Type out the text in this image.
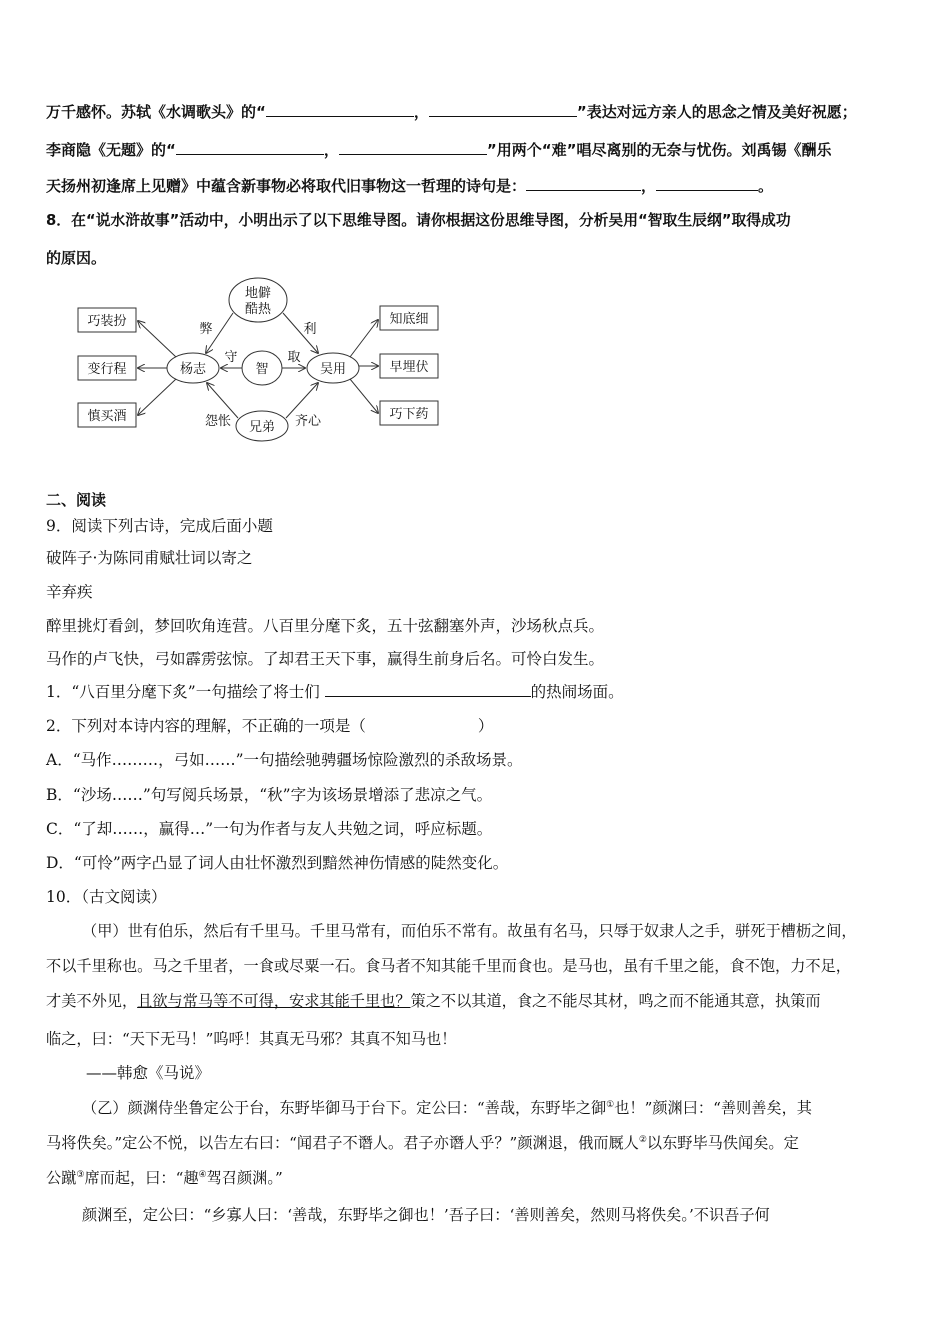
万千感怀。苏轼《水调歌头》的“	，	”表达对远方亲人的思念之情及美好祝愿；
李商隐《无题》的“	，	”用两个“难”唱尽离别的无奈与忧伤。刘禹锡《酬乐
天扬州初逢席上见赠》中蕴含新事物必将取代旧事物这一哲理的诗句是：	，	。
8．在“说水浒故事”活动中，小明出示了以下思维导图。请你根据这份思维导图，分析吴用“智取生辰纲”取得成功
的原因。
地僻
酷热
智
杨志	吴用
兄弟
巧装扮
变行程
慎买酒
知底细
早埋伏
巧下药
弊	利
守	取
怨怅	齐心
二、阅读
9．阅读下列古诗，完成后面小题
破阵子·为陈同甫赋壮词以寄之
辛弃疾
醉里挑灯看剑，梦回吹角连营。八百里分麾下炙，五十弦翻塞外声，沙场秋点兵。
马作的卢飞快，弓如霹雳弦惊。了却君王天下事，赢得生前身后名。可怜白发生。
1．“八百里分麾下炙”一句描绘了将士们	的热闹场面。
2．下列对本诗内容的理解，不正确的一项是（	）
A．“马作………，弓如……”一句描绘驰骋疆场惊险激烈的杀敌场景。
B．“沙场……”句写阅兵场景，“秋”字为该场景增添了悲凉之气。
C．“了却……，赢得…”一句为作者与友人共勉之词，呼应标题。
D．“可怜”两字凸显了词人由壮怀激烈到黯然神伤情感的陡然变化。
10．（古文阅读）
（甲）世有伯乐，然后有千里马。千里马常有，而伯乐不常有。故虽有名马，只辱于奴隶人之手，骈死于槽枥之间，
不以千里称也。马之千里者，一食或尽粟一石。食马者不知其能千里而食也。是马也，虽有千里之能，食不饱，力不足，
才美不外见，且欲与常马等不可得，安求其能千里也？策之不以其道，食之不能尽其材，鸣之而不能通其意，执策而
临之，曰：“天下无马！”呜呼！其真无马邪？其真不知马也！
——韩愈《马说》
（乙）颜渊侍坐鲁定公于台，东野毕御马于台下。定公曰：“善哉，东野毕之御①也！”颜渊曰：“善则善矣，其
马将佚矣。”定公不悦，以告左右曰：“闻君子不谮人。君子亦谮人乎？”颜渊退，俄而厩人②以东野毕马佚闻矣。定
公蹴③席而起，曰：“趣④驾召颜渊。”
颜渊至，定公曰：“乡寡人曰：‘善哉，东野毕之御也！’吾子曰：‘善则善矣，然则马将佚矣。’不识吾子何
